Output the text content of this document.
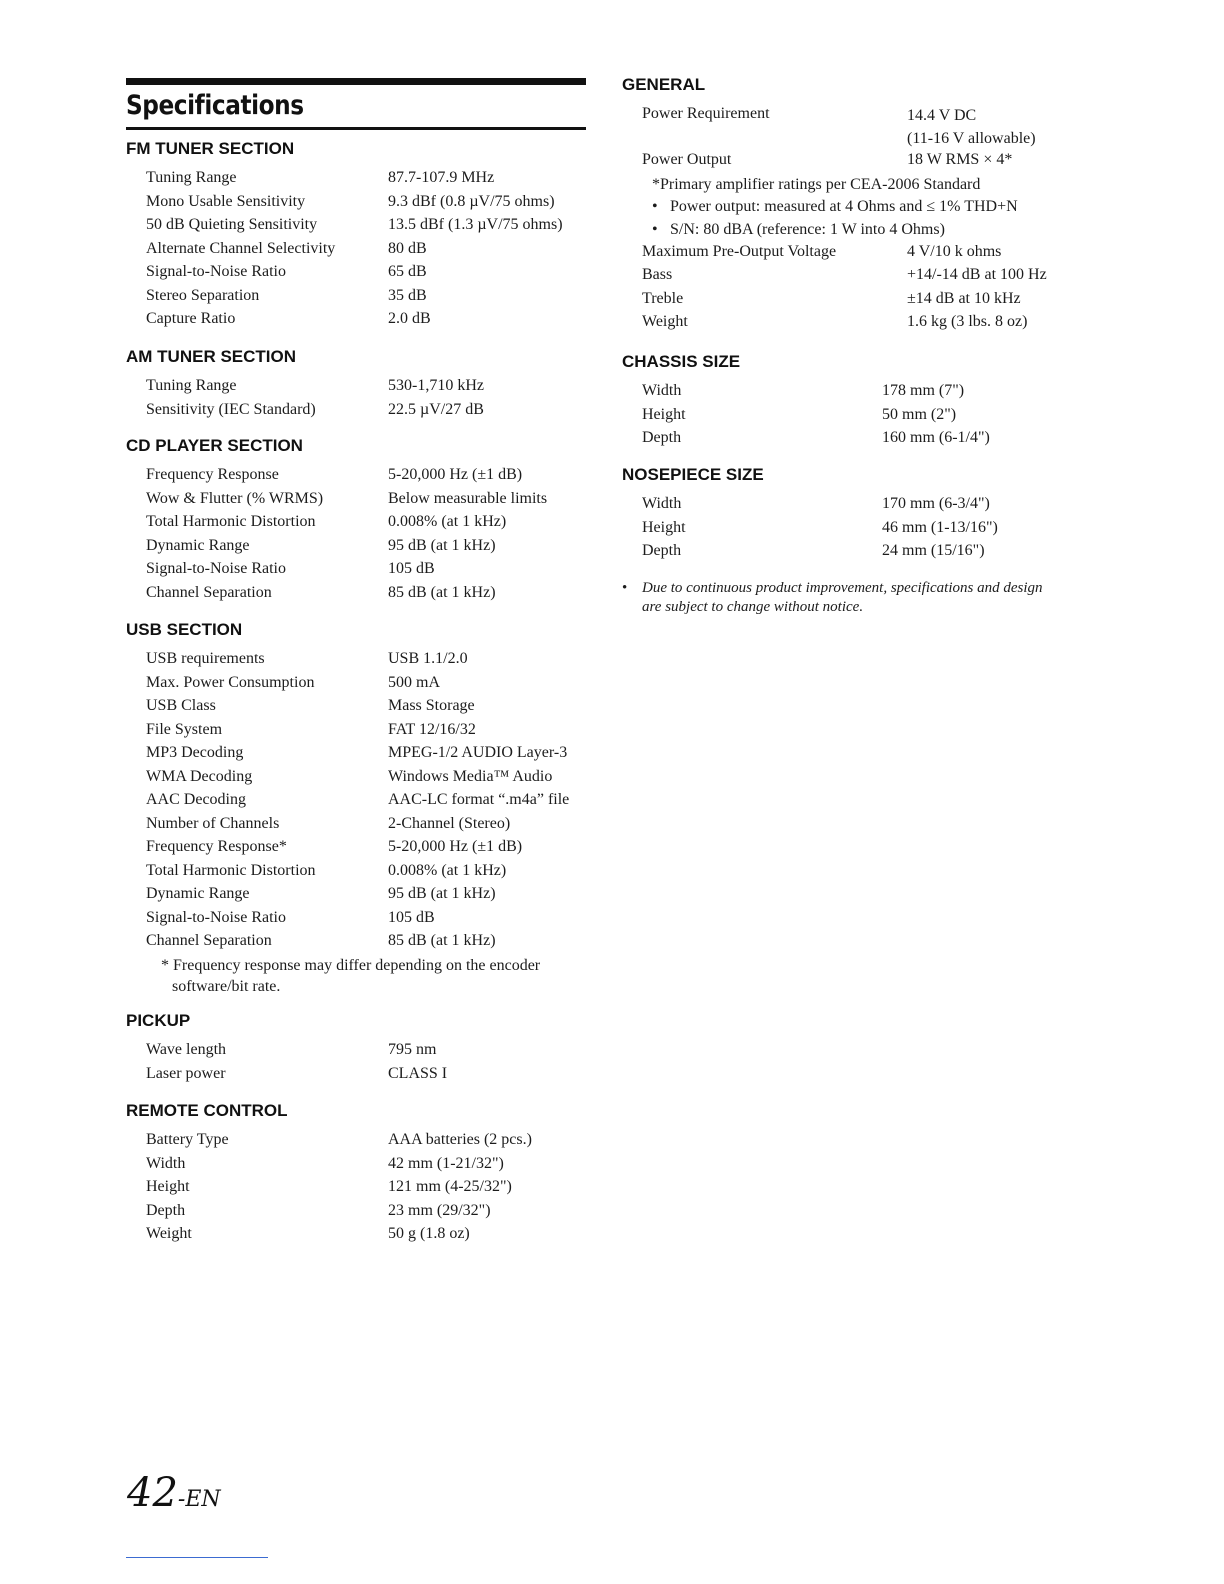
Specifications
FM TUNER SECTION
Tuning Range	87.7-107.9 MHz
Mono Usable Sensitivity	9.3 dBf (0.8 µV/75 ohms)
50 dB Quieting Sensitivity	13.5 dBf (1.3 µV/75 ohms)
Alternate Channel Selectivity	80 dB
Signal-to-Noise Ratio	65 dB
Stereo Separation	35 dB
Capture Ratio	2.0 dB
AM TUNER SECTION
Tuning Range	530-1,710 kHz
Sensitivity (IEC Standard)	22.5 µV/27 dB
CD PLAYER SECTION
Frequency Response	5-20,000 Hz (±1 dB)
Wow & Flutter (% WRMS)	Below measurable limits
Total Harmonic Distortion	0.008% (at 1 kHz)
Dynamic Range	95 dB (at 1 kHz)
Signal-to-Noise Ratio	105 dB
Channel Separation	85 dB (at 1 kHz)
USB SECTION
USB requirements	USB 1.1/2.0
Max. Power Consumption	500 mA
USB Class	Mass Storage
File System	FAT 12/16/32
MP3 Decoding	MPEG-1/2 AUDIO Layer-3
WMA Decoding	Windows Media™ Audio
AAC Decoding	AAC-LC format “.m4a” file
Number of Channels	2-Channel (Stereo)
Frequency Response*	5-20,000 Hz (±1 dB)
Total Harmonic Distortion	0.008% (at 1 kHz)
Dynamic Range	95 dB (at 1 kHz)
Signal-to-Noise Ratio	105 dB
Channel Separation	85 dB (at 1 kHz)
* Frequency response may differ depending on the encoder
software/bit rate.
PICKUP
Wave length	795 nm
Laser power	CLASS I
REMOTE CONTROL
Battery Type	AAA batteries (2 pcs.)
Width	42 mm (1-21/32")
Height	121 mm (4-25/32")
Depth	23 mm (29/32")
Weight	50 g (1.8 oz)
GENERAL
Power Requirement	14.4 V DC
(11-16 V allowable)
Power Output	18 W RMS × 4*
*Primary amplifier ratings per CEA-2006 Standard
• Power output: measured at 4 Ohms and ≤ 1% THD+N
• S/N: 80 dBA (reference: 1 W into 4 Ohms)
Maximum Pre-Output Voltage	4 V/10 k ohms
Bass	+14/-14 dB at 100 Hz
Treble	±14 dB at 10 kHz
Weight	1.6 kg (3 lbs. 8 oz)
CHASSIS SIZE
Width	178 mm (7")
Height	50 mm (2")
Depth	160 mm (6-1/4")
NOSEPIECE SIZE
Width	170 mm (6-3/4")
Height	46 mm (1-13/16")
Depth	24 mm (15/16")
• Due to continuous product improvement, specifications and design
are subject to change without notice.
42-EN
